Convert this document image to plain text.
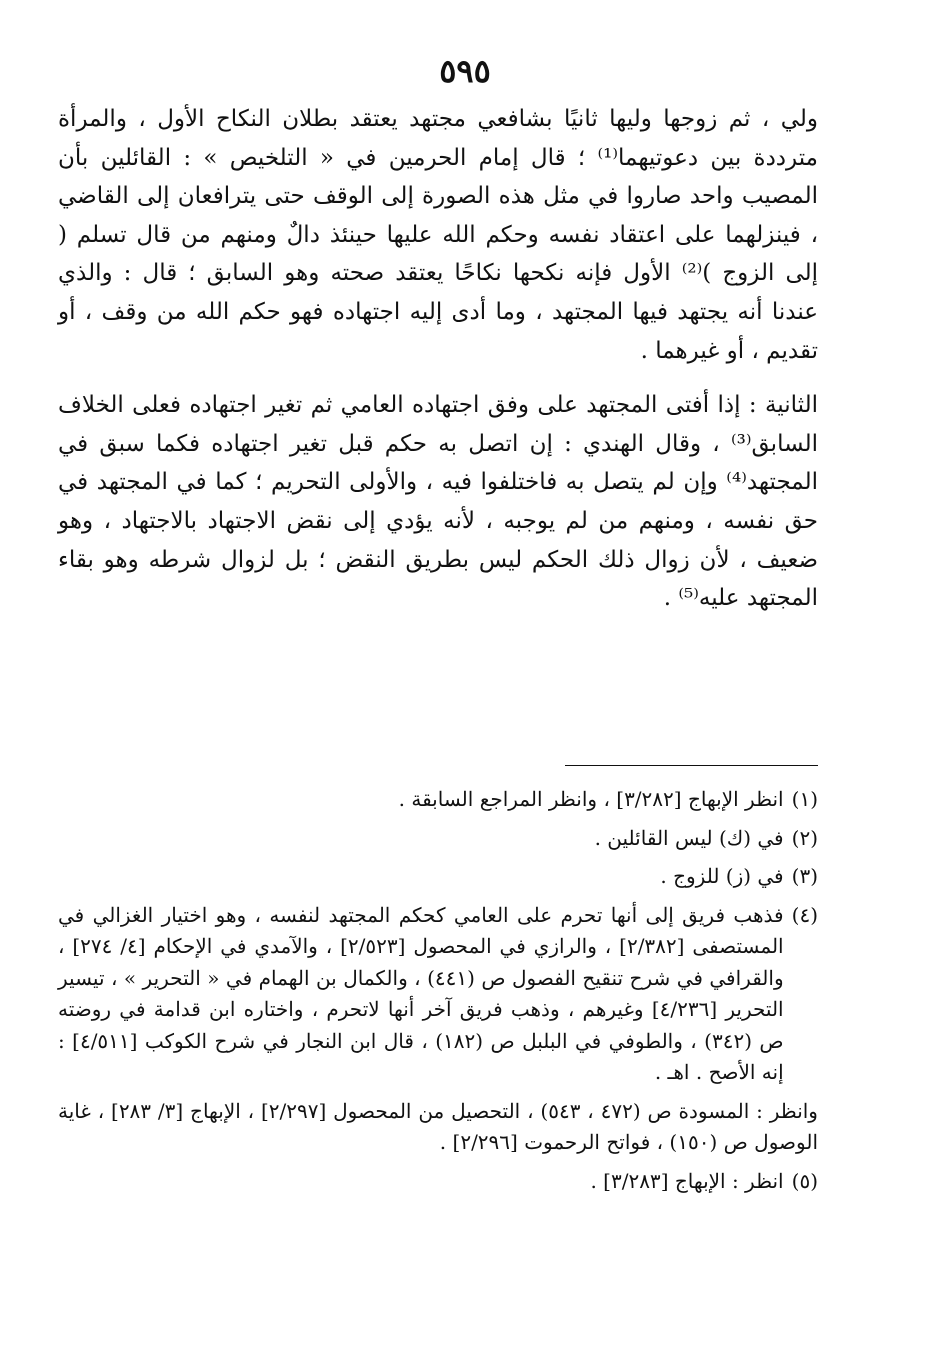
٥٩٥

ولي ، ثم زوجها وليها ثانيًا بشافعي مجتهد يعتقد بطلان النكاح الأول ، والمرأة مترددة بين دعوتيهما⁽¹⁾ ؛ قال إمام الحرمين في « التلخيص » : القائلين بأن المصيب واحد صاروا في مثل هذه الصورة إلى الوقف حتى يترافعان إلى القاضي ، فينزلهما على اعتقاد نفسه وحكم الله عليها حينئذ دالٌ ومنهم من قال تسلم ( إلى الزوج )⁽²⁾ الأول فإنه نكحها نكاحًا يعتقد صحته وهو السابق ؛ قال : والذي عندنا أنه يجتهد فيها المجتهد ، وما أدى إليه اجتهاده فهو حكم الله من وقف ، أو تقديم ، أو غيرهما .

الثانية : إذا أفتى المجتهد على وفق اجتهاده العامي ثم تغير اجتهاده فعلى الخلاف السابق⁽³⁾ ، وقال الهندي : إن اتصل به حكم قبل تغير اجتهاده فكما سبق في المجتهد⁽⁴⁾ وإن لم يتصل به فاختلفوا فيه ، والأولى التحريم ؛ كما في المجتهد في حق نفسه ، ومنهم من لم يوجبه ، لأنه يؤدي إلى نقض الاجتهاد بالاجتهاد ، وهو ضعيف ، لأن زوال ذلك الحكم ليس بطريق النقض ؛ بل لزوال شرطه وهو بقاء المجتهد عليه⁽⁵⁾ .

(١)
انظر الإبهاج [٣/٢٨٢] ، وانظر المراجع السابقة .
(٢)
في (ك) ليس القائلين .
(٣)
في (ز) للزوج .
(٤)
فذهب فريق إلى أنها تحرم على العامي كحكم المجتهد لنفسه ، وهو اختيار الغزالي في المستصفى [٢/٣٨٢] ، والرازي في المحصول [٢/٥٢٣] ، والآمدي في الإحكام [٤/ ٢٧٤] ، والقرافي في شرح تنقيح الفصول ص (٤٤١) ، والكمال بن الهمام في « التحرير » ، تيسير التحرير [٤/٢٣٦] وغيرهم ، وذهب فريق آخر أنها لاتحرم ، واختاره ابن قدامة في روضته ص (٣٤٢) ، والطوفي في البلبل ص (١٨٢) ، قال ابن النجار في شرح الكوكب [٤/٥١١] : إنه الأصح . اهـ .
وانظر : المسودة ص (٤٧٢ ، ٥٤٣) ، التحصيل من المحصول [٢/٢٩٧] ، الإبهاج [٣/ ٢٨٣] ، غاية الوصول ص (١٥٠) ، فواتح الرحموت [٢/٢٩٦] .
(٥)
انظر : الإبهاج [٣/٢٨٣] .
